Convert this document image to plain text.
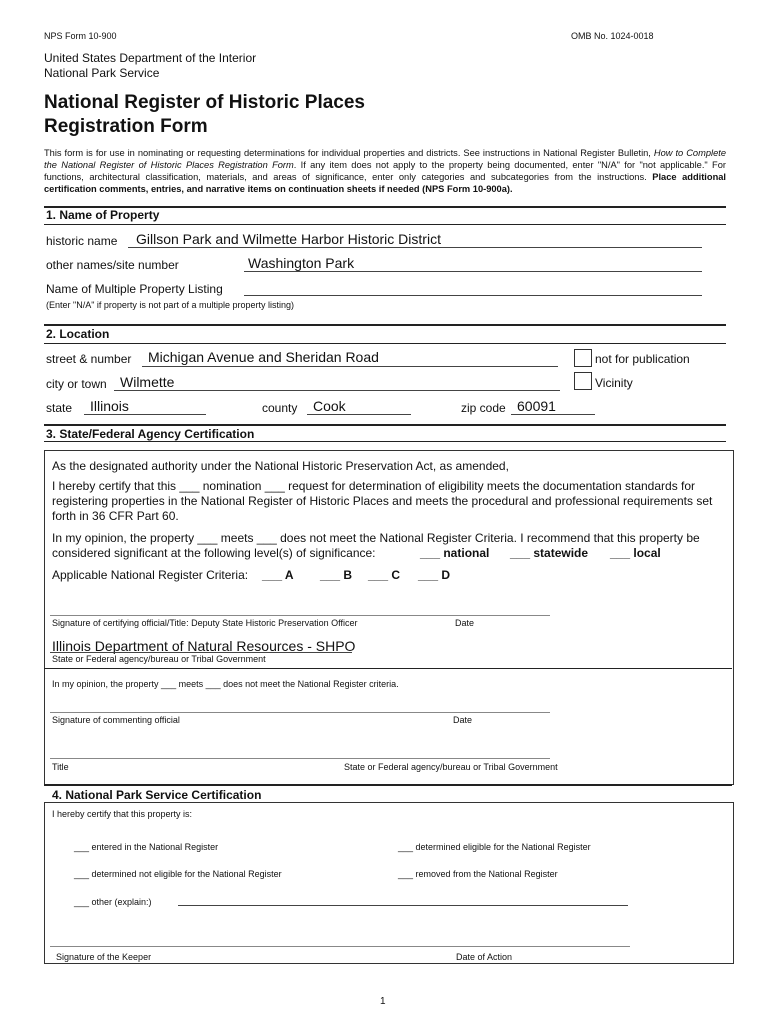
NPS Form 10-900	OMB No. 1024-0018
United States Department of the Interior
National Park Service
National Register of Historic Places
Registration Form
This form is for use in nominating or requesting determinations for individual properties and districts. See instructions in National Register Bulletin, How to Complete the National Register of Historic Places Registration Form. If any item does not apply to the property being documented, enter "N/A" for "not applicable." For functions, architectural classification, materials, and areas of significance, enter only categories and subcategories from the instructions. Place additional certification comments, entries, and narrative items on continuation sheets if needed (NPS Form 10-900a).
1. Name of Property
historic name Gillson Park and Wilmette Harbor Historic District
other names/site number	Washington Park
Name of Multiple Property Listing
(Enter "N/A" if property is not part of a multiple property listing)
2. Location
street & number Michigan Avenue and Sheridan Road	not for publication
city or town Wilmette	Vicinity
state Illinois	county Cook	zip code 60091
3. State/Federal Agency Certification
As the designated authority under the National Historic Preservation Act, as amended,
I hereby certify that this ___ nomination ___ request for determination of eligibility meets the documentation standards for registering properties in the National Register of Historic Places and meets the procedural and professional requirements set forth in 36 CFR Part 60.
In my opinion, the property ___ meets ___ does not meet the National Register Criteria. I recommend that this property be considered significant at the following level(s) of significance:	___ national ___ statewide ___ local
Applicable National Register Criteria: ___ A ___ B ___ C ___ D
Signature of certifying official/Title: Deputy State Historic Preservation Officer	Date
Illinois Department of Natural Resources - SHPO
State or Federal agency/bureau or Tribal Government
In my opinion, the property ___ meets ___ does not meet the National Register criteria.
Signature of commenting official	Date
Title	State or Federal agency/bureau or Tribal Government
4. National Park Service Certification
I hereby certify that this property is:
___ entered in the National Register	___ determined eligible for the National Register
___ determined not eligible for the National Register	___ removed from the National Register
___ other (explain:)
Signature of the Keeper	Date of Action
1
